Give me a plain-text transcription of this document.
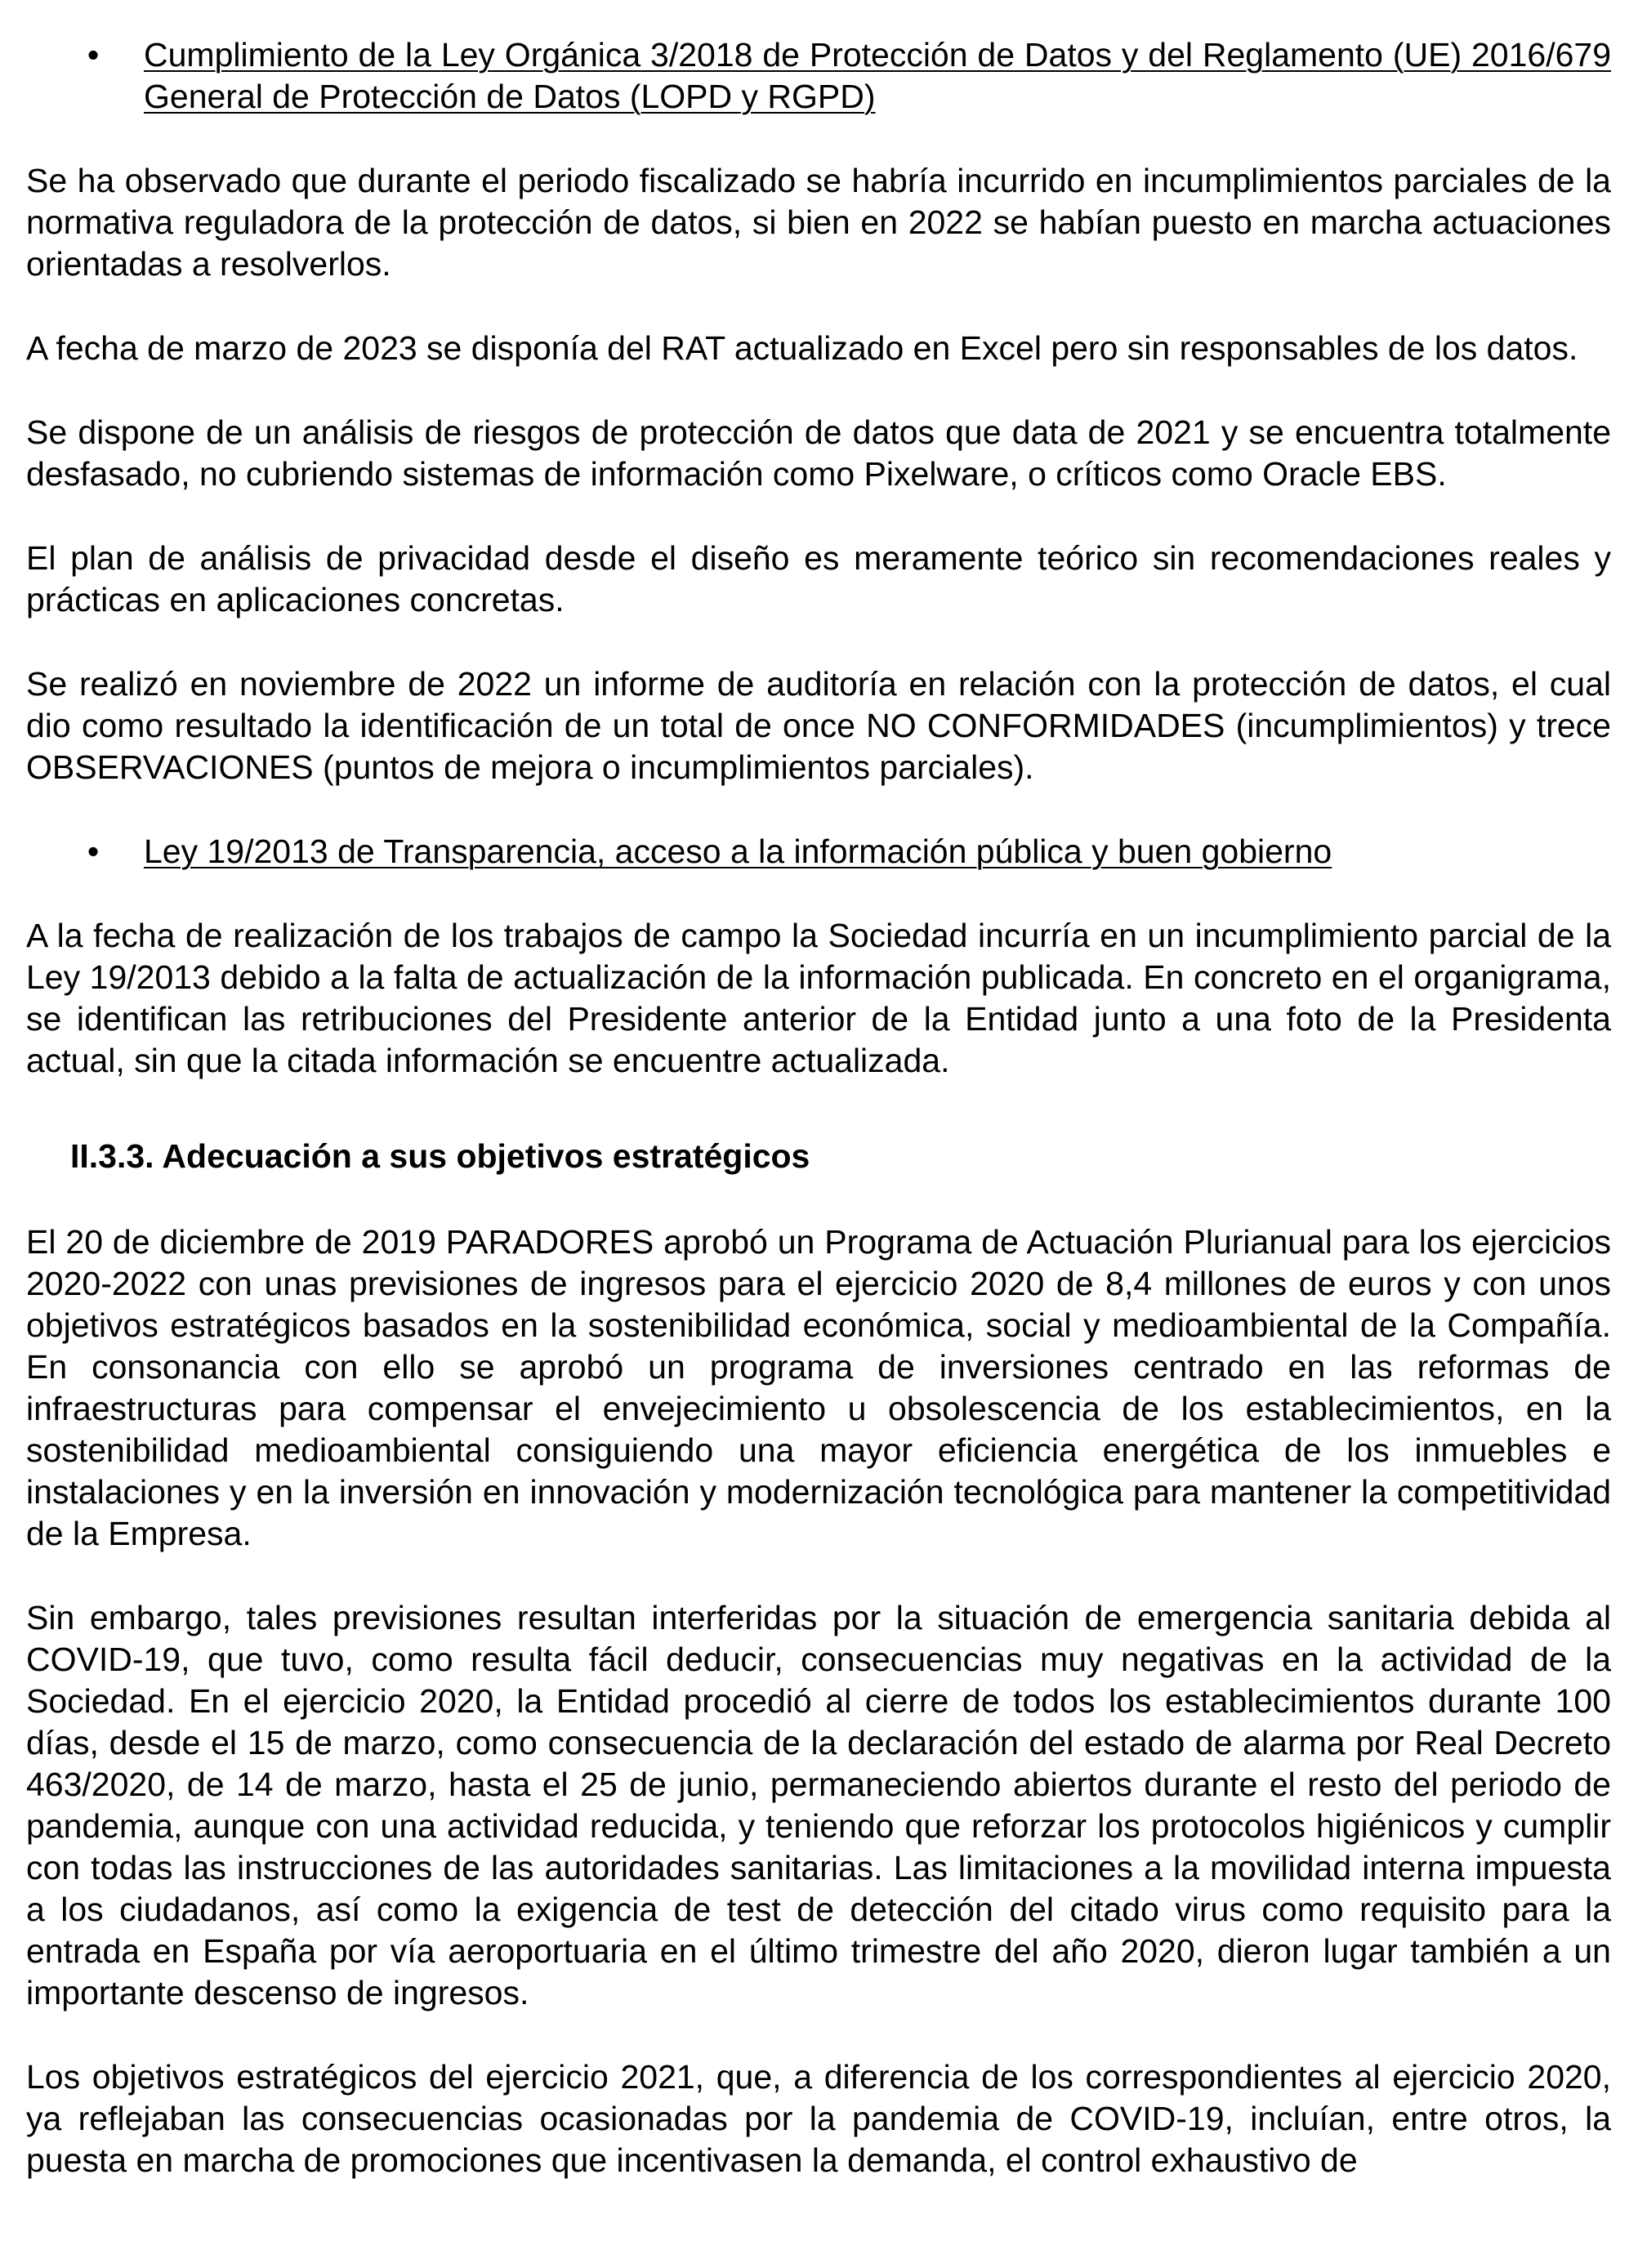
• Cumplimiento de la Ley Orgánica 3/2018 de Protección de Datos y del Reglamento (UE) 2016/679 General de Protección de Datos (LOPD y RGPD)

Se ha observado que durante el periodo fiscalizado se habría incurrido en incumplimientos parciales de la normativa reguladora de la protección de datos, si bien en 2022 se habían puesto en marcha actuaciones orientadas a resolverlos.

A fecha de marzo de 2023 se disponía del RAT actualizado en Excel pero sin responsables de los datos.

Se dispone de un análisis de riesgos de protección de datos que data de 2021 y se encuentra totalmente desfasado, no cubriendo sistemas de información como Pixelware, o críticos como Oracle EBS.

El plan de análisis de privacidad desde el diseño es meramente teórico sin recomendaciones reales y prácticas en aplicaciones concretas.

Se realizó en noviembre de 2022 un informe de auditoría en relación con la protección de datos, el cual dio como resultado la identificación de un total de once NO CONFORMIDADES (incumplimientos) y trece OBSERVACIONES (puntos de mejora o incumplimientos parciales).

• Ley 19/2013 de Transparencia, acceso a la información pública y buen gobierno

A la fecha de realización de los trabajos de campo la Sociedad incurría en un incumplimiento parcial de la Ley 19/2013 debido a la falta de actualización de la información publicada. En concreto en el organigrama, se identifican las retribuciones del Presidente anterior de la Entidad junto a una foto de la Presidenta actual, sin que la citada información se encuentre actualizada.

II.3.3. Adecuación a sus objetivos estratégicos

El 20 de diciembre de 2019 PARADORES aprobó un Programa de Actuación Plurianual para los ejercicios 2020-2022 con unas previsiones de ingresos para el ejercicio 2020 de 8,4 millones de euros y con unos objetivos estratégicos basados en la sostenibilidad económica, social y medioambiental de la Compañía. En consonancia con ello se aprobó un programa de inversiones centrado en las reformas de infraestructuras para compensar el envejecimiento u obsolescencia de los establecimientos, en la sostenibilidad medioambiental consiguiendo una mayor eficiencia energética de los inmuebles e instalaciones y en la inversión en innovación y modernización tecnológica para mantener la competitividad de la Empresa.

Sin embargo, tales previsiones resultan interferidas por la situación de emergencia sanitaria debida al COVID-19, que tuvo, como resulta fácil deducir, consecuencias muy negativas en la actividad de la Sociedad. En el ejercicio 2020, la Entidad procedió al cierre de todos los establecimientos durante 100 días, desde el 15 de marzo, como consecuencia de la declaración del estado de alarma por Real Decreto 463/2020, de 14 de marzo, hasta el 25 de junio, permaneciendo abiertos durante el resto del periodo de pandemia, aunque con una actividad reducida, y teniendo que reforzar los protocolos higiénicos y cumplir con todas las instrucciones de las autoridades sanitarias. Las limitaciones a la movilidad interna impuesta a los ciudadanos, así como la exigencia de test de detección del citado virus como requisito para la entrada en España por vía aeroportuaria en el último trimestre del año 2020, dieron lugar también a un importante descenso de ingresos.

Los objetivos estratégicos del ejercicio 2021, que, a diferencia de los correspondientes al ejercicio 2020, ya reflejaban las consecuencias ocasionadas por la pandemia de COVID-19, incluían, entre otros, la puesta en marcha de promociones que incentivasen la demanda, el control exhaustivo de
